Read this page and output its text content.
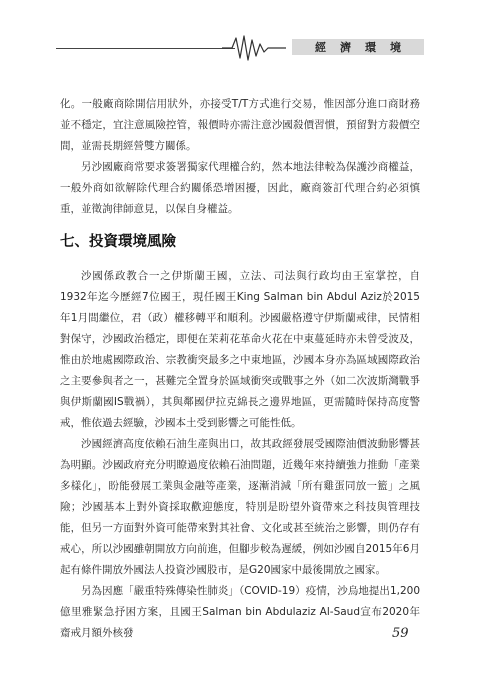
經濟環境

化。一般廠商除開信用狀外，亦接受T/T方式進行交易，惟因部分進口商財務並不穩定，宜注意風險控管，報價時亦需注意沙國殺價習慣，預留對方殺價空間，並需長期經營雙方關係。

另沙國廠商常要求簽署獨家代理權合約，然本地法律較為保護沙商權益，一般外商如欲解除代理合約關係恐增困擾，因此，廠商簽訂代理合約必須慎重，並徵詢律師意見，以保自身權益。

七、投資環境風險

沙國係政教合一之伊斯蘭王國，立法、司法與行政均由王室掌控，自1932年迄今歷經7位國王，現任國王King Salman bin Abdul Aziz於2015年1月間繼位，君（政）權移轉平和順利。沙國嚴格遵守伊斯蘭戒律，民情相對保守，沙國政治穩定，即便在茉莉花革命火花在中東蔓延時亦未曾受波及，惟由於地處國際政治、宗教衝突最多之中東地區，沙國本身亦為區域國際政治之主要參與者之一，甚難完全置身於區域衝突或戰事之外（如二次波斯灣戰爭與伊斯蘭國IS戰禍），其與鄰國伊拉克綿長之邊界地區，更需隨時保持高度警戒，惟依過去經驗，沙國本土受到影響之可能性低。

沙國經濟高度依賴石油生產與出口，故其政經發展受國際油價波動影響甚為明顯。沙國政府充分明瞭過度依賴石油問題，近幾年來持續強力推動「產業多樣化」，盼能發展工業與金融等產業，逐漸消減「所有雞蛋同放一籃」之風險；沙國基本上對外資採取歡迎態度，特別是盼望外資帶來之科技與管理技能，但另一方面對外資可能帶來對其社會、文化或甚至統治之影響，則仍存有戒心，所以沙國雖朝開放方向前進，但腳步較為遲緩，例如沙國自2015年6月起有條件開放外國法人投資沙國股市，是G20國家中最後開放之國家。

另為因應「嚴重特殊傳染性肺炎」（COVID-19）疫情，沙烏地提出1,200億里雅緊急抒困方案，且國王Salman bin Abdulaziz Al-Saud宣布2020年齋戒月額外核發	59
